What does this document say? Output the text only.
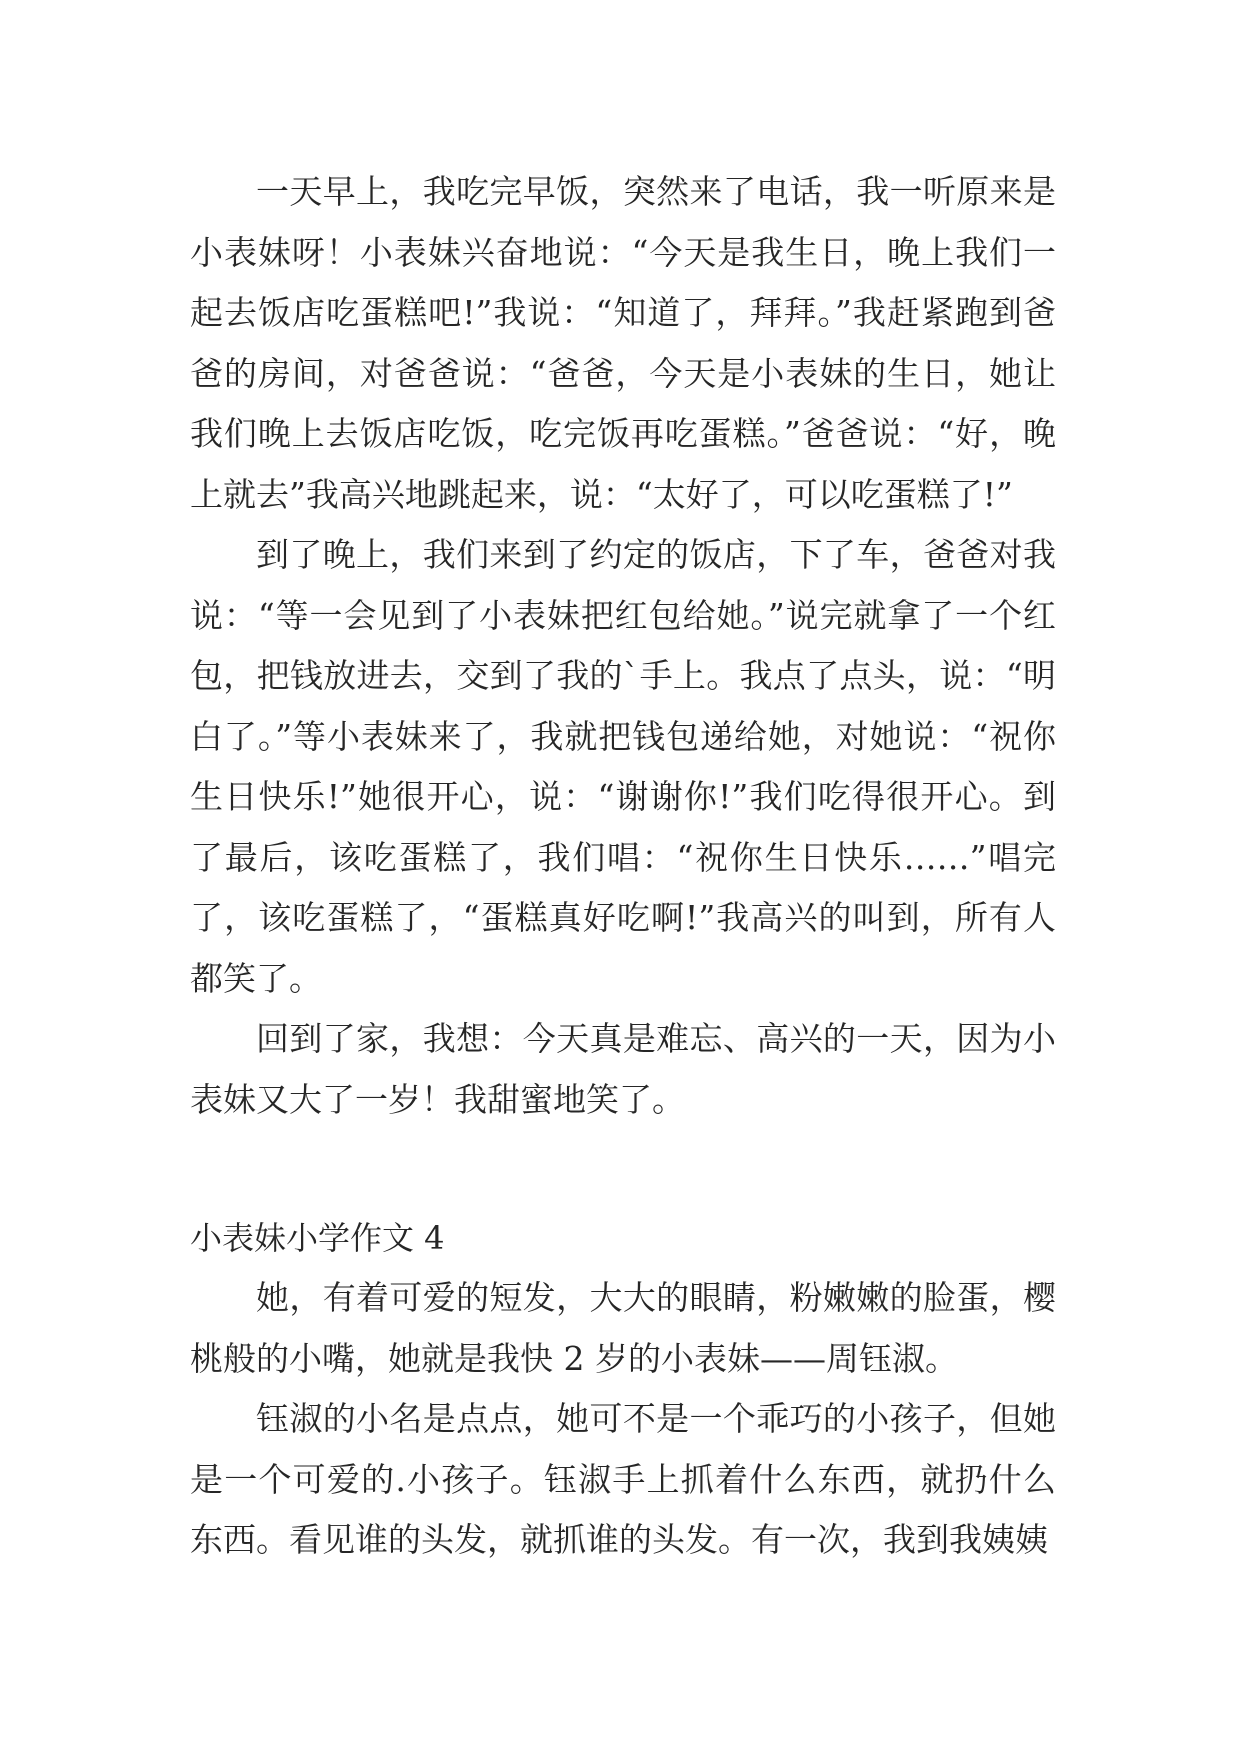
一天早上，我吃完早饭，突然来了电话，我一听原来是小表妹呀！小表妹兴奋地说：“今天是我生日，晚上我们一起去饭店吃蛋糕吧!”我说：“知道了，拜拜。”我赶紧跑到爸爸的房间，对爸爸说：“爸爸，今天是小表妹的生日，她让我们晚上去饭店吃饭，吃完饭再吃蛋糕。”爸爸说：“好，晚上就去”我高兴地跳起来，说：“太好了，可以吃蛋糕了!”

到了晚上，我们来到了约定的饭店，下了车，爸爸对我说：“等一会见到了小表妹把红包给她。”说完就拿了一个红包，把钱放进去，交到了我的`手上。我点了点头，说：“明白了。”等小表妹来了，我就把钱包递给她，对她说：“祝你生日快乐!”她很开心，说：“谢谢你!”我们吃得很开心。到了最后，该吃蛋糕了，我们唱：“祝你生日快乐……”唱完了，该吃蛋糕了，“蛋糕真好吃啊!”我高兴的叫到，所有人都笑了。

回到了家，我想：今天真是难忘、高兴的一天，因为小表妹又大了一岁！我甜蜜地笑了。

小表妹小学作文 4

她，有着可爱的短发，大大的眼睛，粉嫩嫩的脸蛋，樱桃般的小嘴，她就是我快 2 岁的小表妹——周钰淑。

钰淑的小名是点点，她可不是一个乖巧的小孩子，但她是一个可爱的.小孩子。钰淑手上抓着什么东西，就扔什么东西。看见谁的头发，就抓谁的头发。有一次，我到我姨姨
